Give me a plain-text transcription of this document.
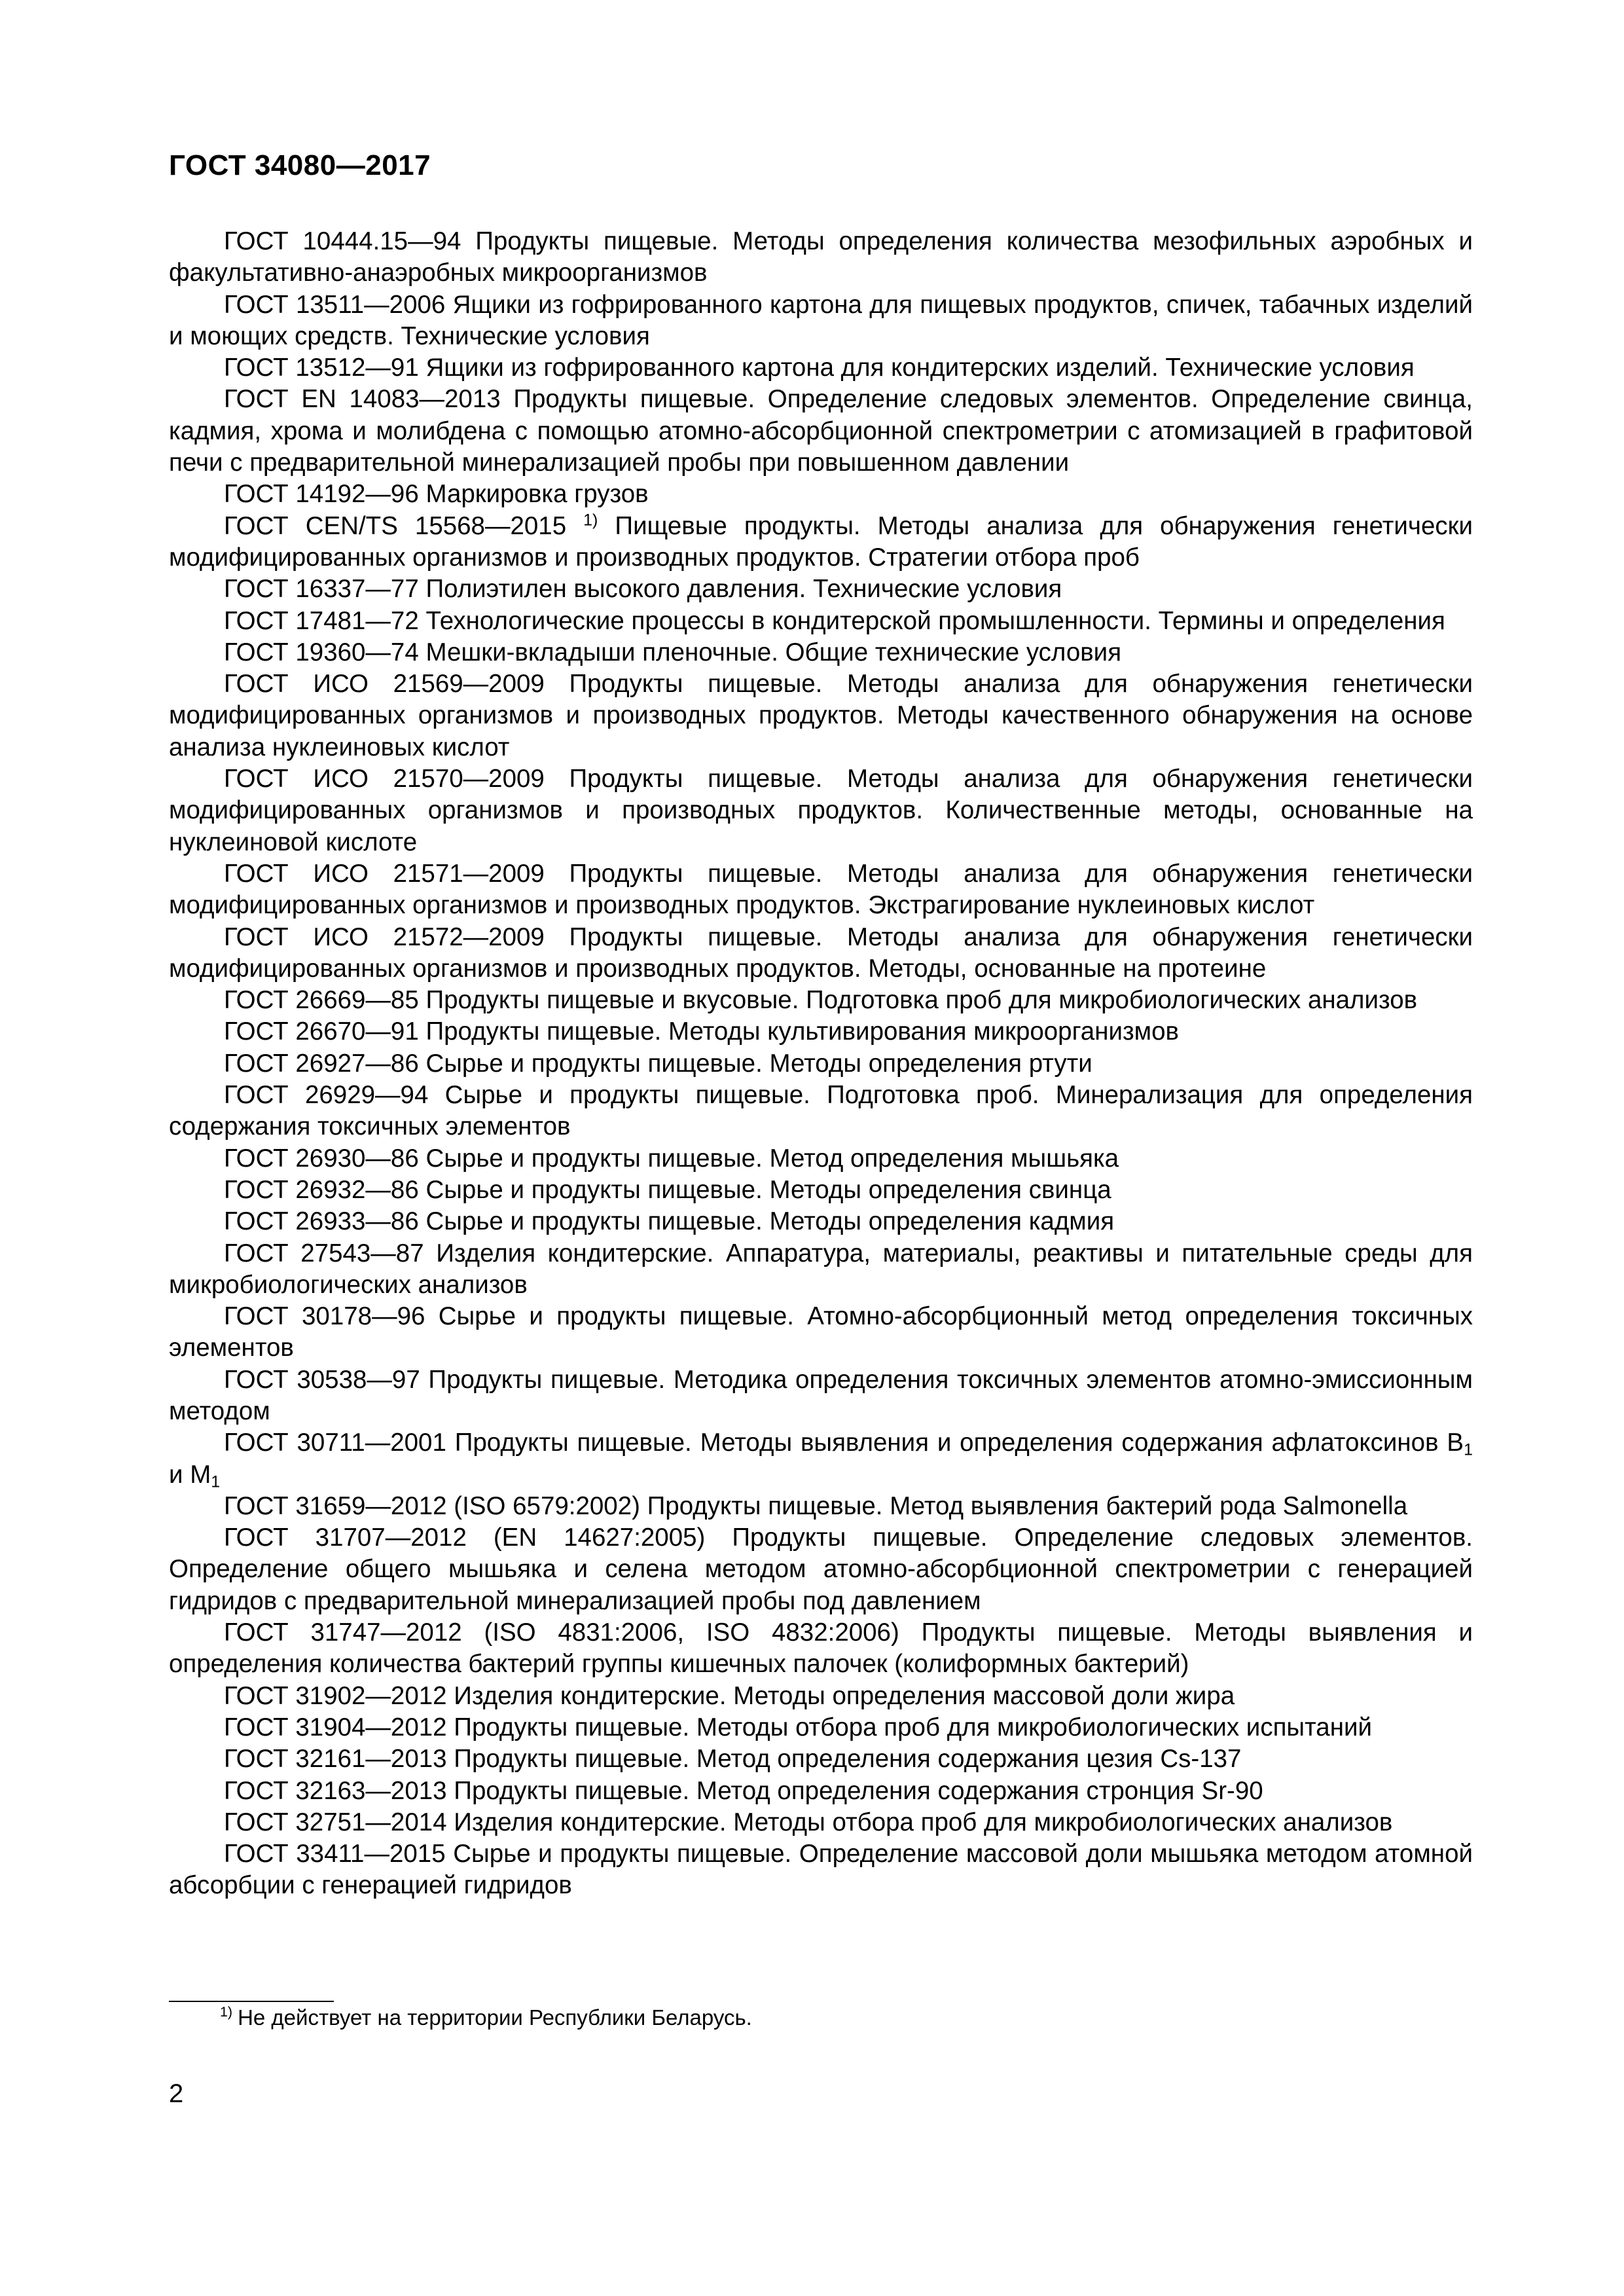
ГОСТ 34080—2017

ГОСТ 10444.15—94 Продукты пищевые. Методы определения количества мезофильных аэробных и факультативно-анаэробных микроорганизмов

ГОСТ 13511—2006 Ящики из гофрированного картона для пищевых продуктов, спичек, табачных изделий и моющих средств. Технические условия

ГОСТ 13512—91 Ящики из гофрированного картона для кондитерских изделий. Технические условия

ГОСТ EN 14083—2013 Продукты пищевые. Определение следовых элементов. Определение свинца, кадмия, хрома и молибдена с помощью атомно-абсорбционной спектрометрии с атомизацией в графитовой печи с предварительной минерализацией пробы при повышенном давлении

ГОСТ 14192—96 Маркировка грузов

ГОСТ CEN/TS 15568—2015 $^{1)}$ Пищевые продукты. Методы анализа для обнаружения генетически модифицированных организмов и производных продуктов. Стратегии отбора проб

ГОСТ 16337—77 Полиэтилен высокого давления. Технические условия

ГОСТ 17481—72 Технологические процессы в кондитерской промышленности. Термины и определения

ГОСТ 19360—74 Мешки-вкладыши пленочные. Общие технические условия

ГОСТ ИСО 21569—2009 Продукты пищевые. Методы анализа для обнаружения генетически модифицированных организмов и производных продуктов. Методы качественного обнаружения на основе анализа нуклеиновых кислот

ГОСТ ИСО 21570—2009 Продукты пищевые. Методы анализа для обнаружения генетически модифицированных организмов и производных продуктов. Количественные методы, основанные на нуклеиновой кислоте

ГОСТ ИСО 21571—2009 Продукты пищевые. Методы анализа для обнаружения генетически модифицированных организмов и производных продуктов. Экстрагирование нуклеиновых кислот

ГОСТ ИСО 21572—2009 Продукты пищевые. Методы анализа для обнаружения генетически модифицированных организмов и производных продуктов. Методы, основанные на протеине

ГОСТ 26669—85 Продукты пищевые и вкусовые. Подготовка проб для микробиологических анализов

ГОСТ 26670—91 Продукты пищевые. Методы культивирования микроорганизмов

ГОСТ 26927—86 Сырье и продукты пищевые. Методы определения ртути

ГОСТ 26929—94 Сырье и продукты пищевые. Подготовка проб. Минерализация для определения содержания токсичных элементов

ГОСТ 26930—86 Сырье и продукты пищевые. Метод определения мышьяка

ГОСТ 26932—86 Сырье и продукты пищевые. Методы определения свинца

ГОСТ 26933—86 Сырье и продукты пищевые. Методы определения кадмия

ГОСТ 27543—87 Изделия кондитерские. Аппаратура, материалы, реактивы и питательные среды для микробиологических анализов

ГОСТ 30178—96 Сырье и продукты пищевые. Атомно-абсорбционный метод определения токсичных элементов

ГОСТ 30538—97 Продукты пищевые. Методика определения токсичных элементов атомно-эмиссионным методом

ГОСТ 30711—2001 Продукты пищевые. Методы выявления и определения содержания афлатоксинов $B_1$ и $M_1$

ГОСТ 31659—2012 (ISO 6579:2002) Продукты пищевые. Метод выявления бактерий рода Salmonella

ГОСТ 31707—2012 (EN 14627:2005) Продукты пищевые. Определение следовых элементов. Определение общего мышьяка и селена методом атомно-абсорбционной спектрометрии с генерацией гидридов с предварительной минерализацией пробы под давлением

ГОСТ 31747—2012 (ISO 4831:2006, ISO 4832:2006) Продукты пищевые. Методы выявления и определения количества бактерий группы кишечных палочек (колиформных бактерий)

ГОСТ 31902—2012 Изделия кондитерские. Методы определения массовой доли жира

ГОСТ 31904—2012 Продукты пищевые. Методы отбора проб для микробиологических испытаний

ГОСТ 32161—2013 Продукты пищевые. Метод определения содержания цезия Cs-137

ГОСТ 32163—2013 Продукты пищевые. Метод определения содержания стронция Sr-90

ГОСТ 32751—2014 Изделия кондитерские. Методы отбора проб для микробиологических анализов

ГОСТ 33411—2015 Сырье и продукты пищевые. Определение массовой доли мышьяка методом атомной абсорбции с генерацией гидридов

$^{1)}$ Не действует на территории Республики Беларусь.
2
